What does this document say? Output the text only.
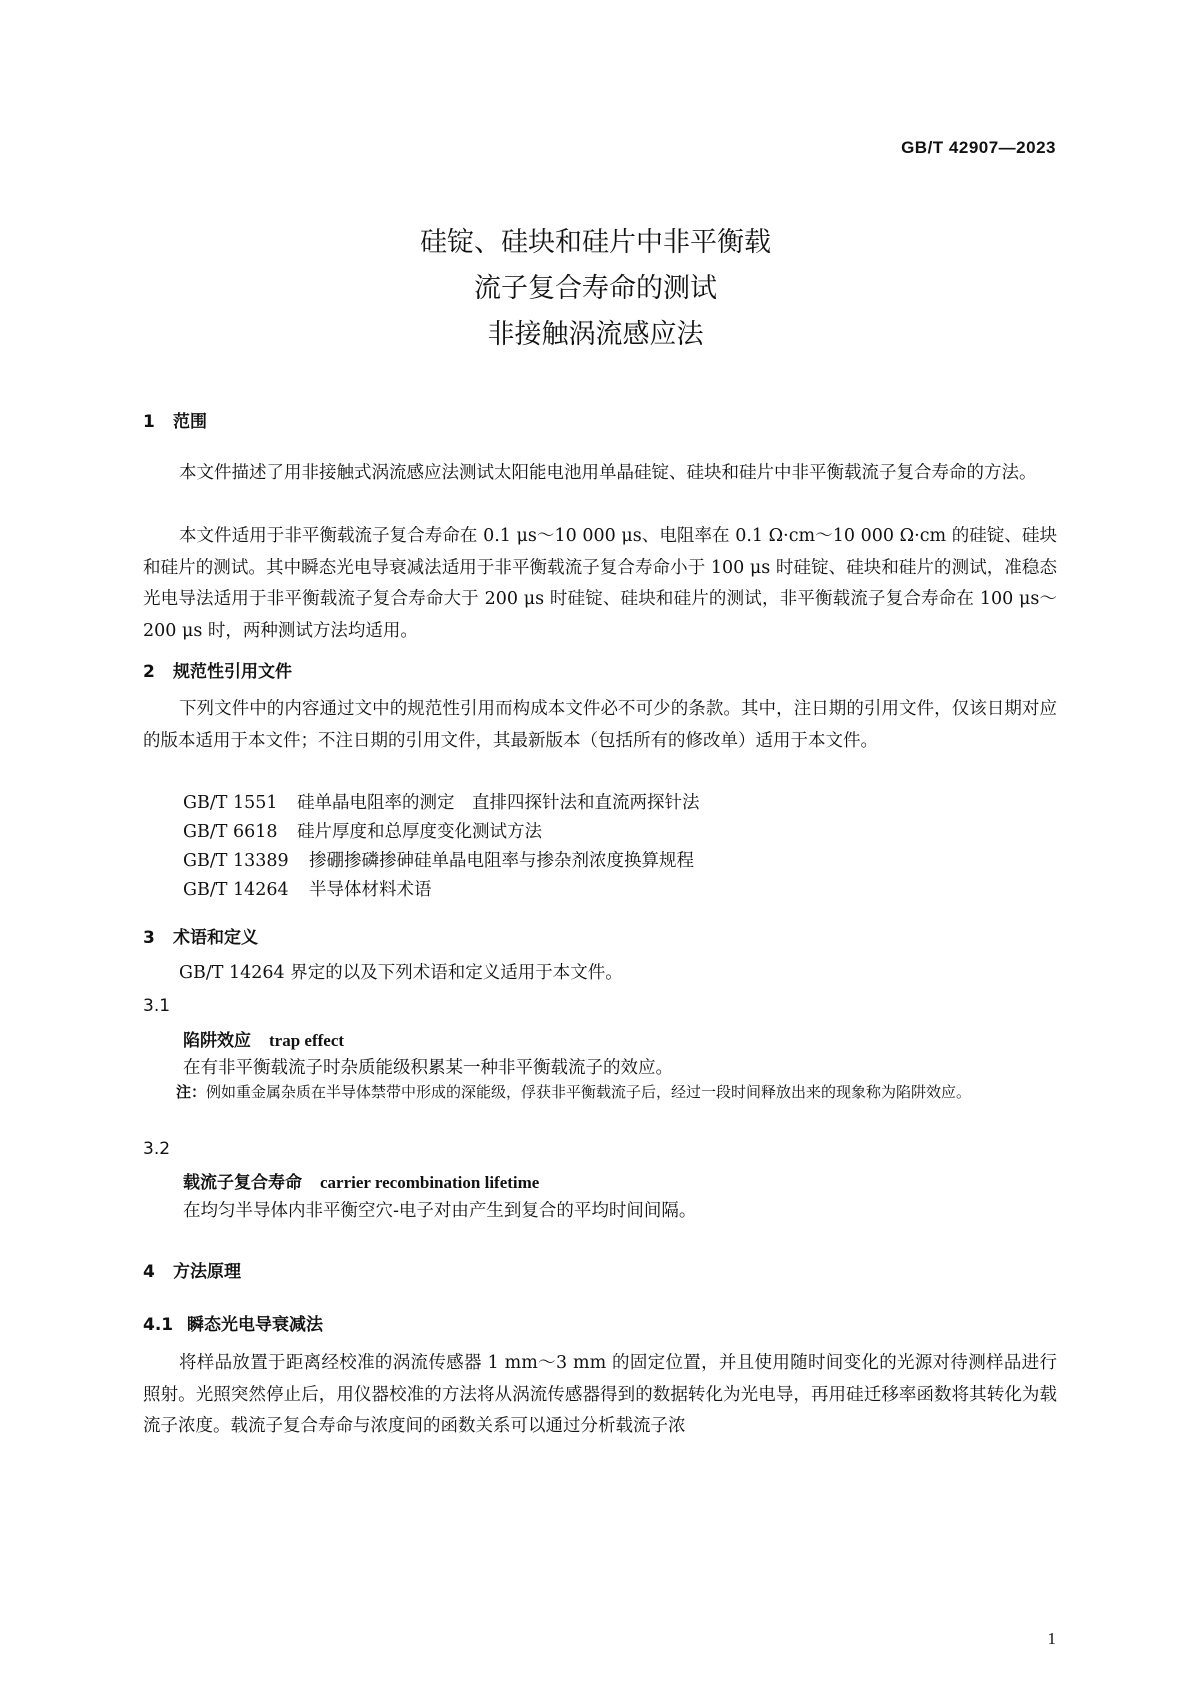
GB/T 42907—2023
硅锭、硅块和硅片中非平衡载
流子复合寿命的测试
非接触涡流感应法
1 范围

本文件描述了用非接触式涡流感应法测试太阳能电池用单晶硅锭、硅块和硅片中非平衡载流子复合寿命的方法。

本文件适用于非平衡载流子复合寿命在 0.1 μs～10 000 μs、电阻率在 0.1 Ω·cm～10 000 Ω·cm 的硅锭、硅块和硅片的测试。其中瞬态光电导衰减法适用于非平衡载流子复合寿命小于 100 μs 时硅锭、硅块和硅片的测试，准稳态光电导法适用于非平衡载流子复合寿命大于 200 μs 时硅锭、硅块和硅片的测试，非平衡载流子复合寿命在 100 μs～200 μs 时，两种测试方法均适用。

2 规范性引用文件

下列文件中的内容通过文中的规范性引用而构成本文件必不可少的条款。其中，注日期的引用文件，仅该日期对应的版本适用于本文件；不注日期的引用文件，其最新版本（包括所有的修改单）适用于本文件。

GB/T 1551 硅单晶电阻率的测定　直排四探针法和直流两探针法
GB/T 6618 硅片厚度和总厚度变化测试方法
GB/T 13389 掺硼掺磷掺砷硅单晶电阻率与掺杂剂浓度换算规程
GB/T 14264 半导体材料术语
3 术语和定义

GB/T 14264 界定的以及下列术语和定义适用于本文件。

3.1
陷阱效应 trap effect
在有非平衡载流子时杂质能级积累某一种非平衡载流子的效应。

注：例如重金属杂质在半导体禁带中形成的深能级，俘获非平衡载流子后，经过一段时间释放出来的现象称为陷阱效应。

3.2
载流子复合寿命 carrier recombination lifetime
在均匀半导体内非平衡空穴-电子对由产生到复合的平均时间间隔。
4 方法原理
4.1 瞬态光电导衰减法

将样品放置于距离经校准的涡流传感器 1 mm～3 mm 的固定位置，并且使用随时间变化的光源对待测样品进行照射。光照突然停止后，用仪器校准的方法将从涡流传感器得到的数据转化为光电导，再用硅迁移率函数将其转化为载流子浓度。载流子复合寿命与浓度间的函数关系可以通过分析载流子浓

1
